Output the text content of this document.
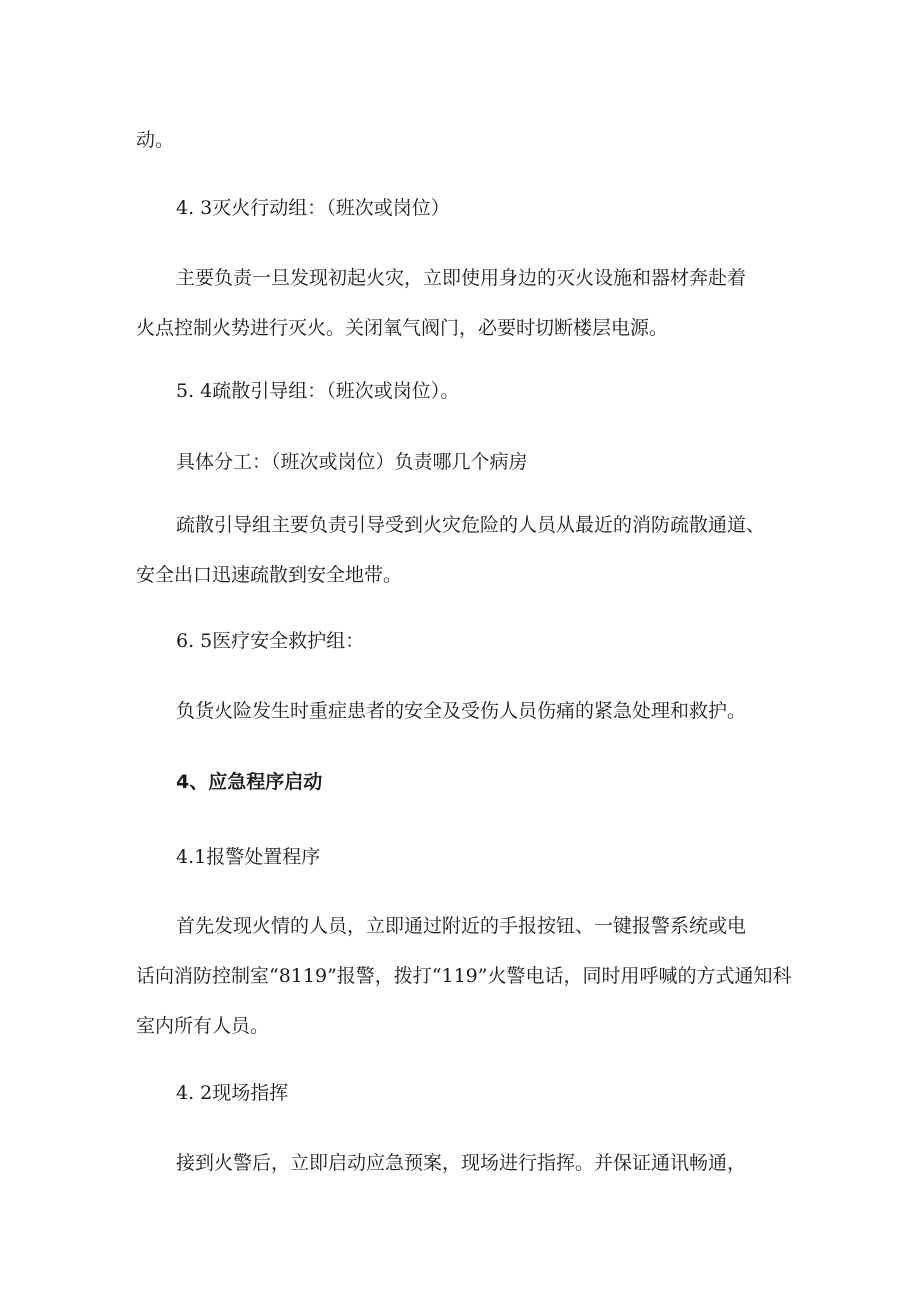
动。

4. 3灭火行动组：（班次或岗位）

主要负责一旦发现初起火灾，立即使用身边的灭火设施和器材奔赴着

火点控制火势进行灭火。关闭氧气阀门，必要时切断楼层电源。

5. 4疏散引导组：（班次或岗位）。

具体分工：（班次或岗位）负责哪几个病房

疏散引导组主要负责引导受到火灾危险的人员从最近的消防疏散通道、

安全出口迅速疏散到安全地带。

6. 5医疗安全救护组：

负货火险发生时重症患者的安全及受伤人员伤痛的紧急处理和救护。

4、应急程序启动

4.1报警处置程序

首先发现火情的人员，立即通过附近的手报按钮、一键报警系统或电

话向消防控制室“8119”报警，拨打“119”火警电话，同时用呼喊的方式通知科

室内所有人员。

4. 2现场指挥

接到火警后，立即启动应急预案，现场进行指挥。并保证通讯畅通，
